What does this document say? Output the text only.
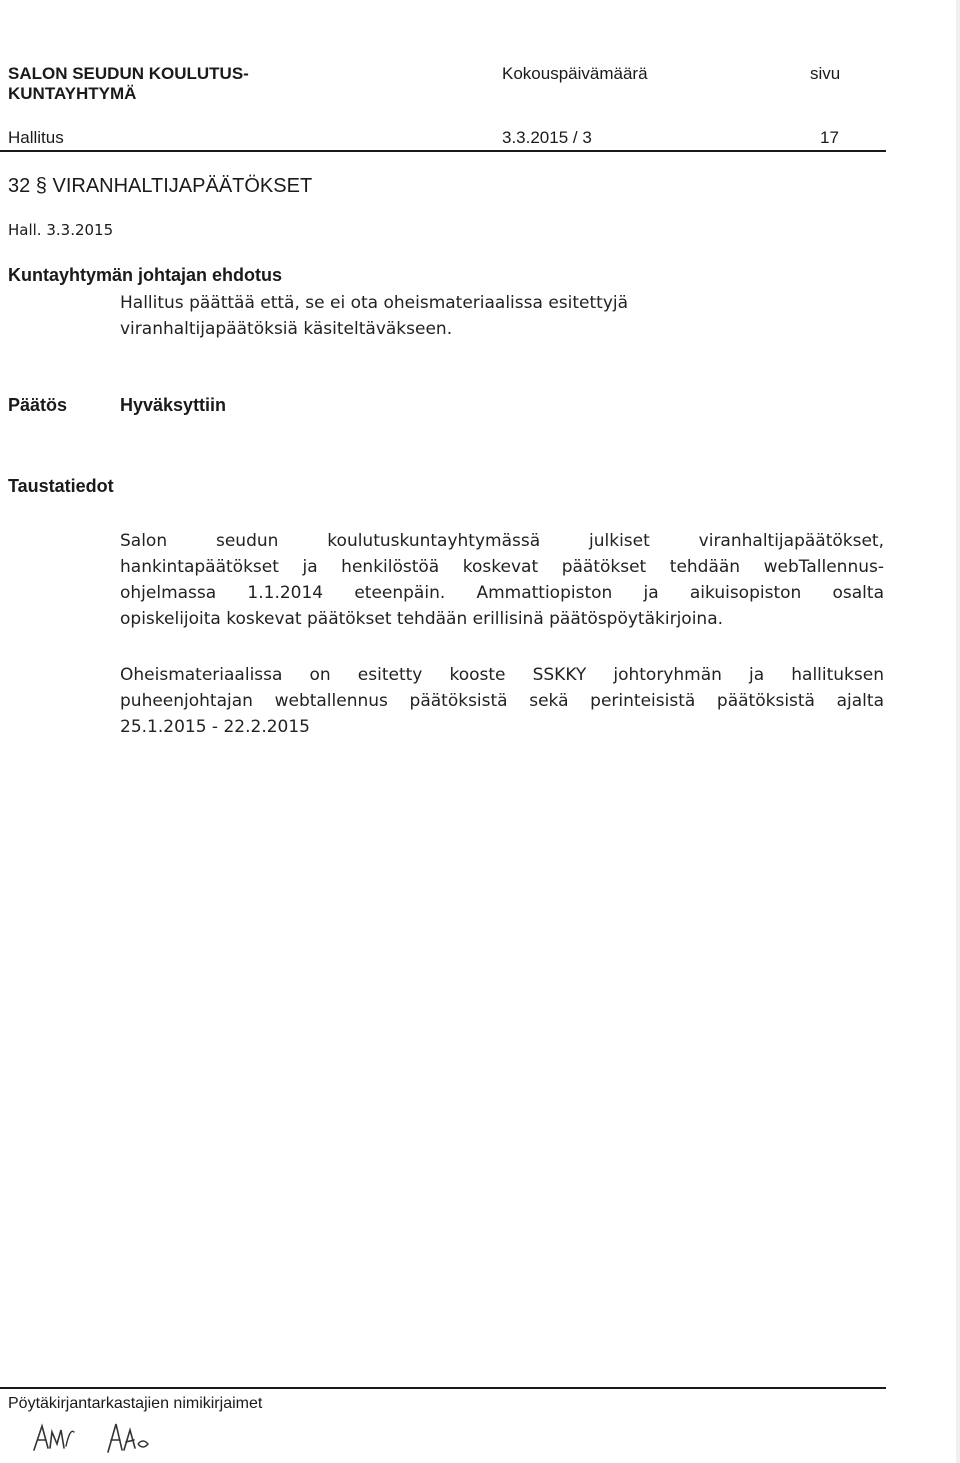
SALON SEUDUN KOULUTUS-
KUNTAYHTYMÄ
Kokouspäivämäärä	sivu
Hallitus	3.3.2015 / 3	17
32 § VIRANHALTIJAPÄÄTÖKSET
Hall. 3.3.2015
Kuntayhtymän johtajan ehdotus
Hallitus päättää että, se ei ota oheismateriaalissa esitettyjä
viranhaltijapäätöksiä käsiteltäväkseen.
Päätös	Hyväksyttiin
Taustatiedot
Salon seudun koulutuskuntayhtymässä julkiset viranhaltijapäätökset,
hankintapäätökset ja henkilöstöä koskevat päätökset tehdään webTallennus-
ohjelmassa 1.1.2014 eteenpäin. Ammattiopiston ja aikuisopiston osalta
opiskelijoita koskevat päätökset tehdään erillisinä päätöspöytäkirjoina.
Oheismateriaalissa on esitetty kooste SSKKY johtoryhmän ja hallituksen
puheenjohtajan webtallennus päätöksistä sekä perinteisistä päätöksistä ajalta
25.1.2015 - 22.2.2015
Pöytäkirjantarkastajien nimikirjaimet
